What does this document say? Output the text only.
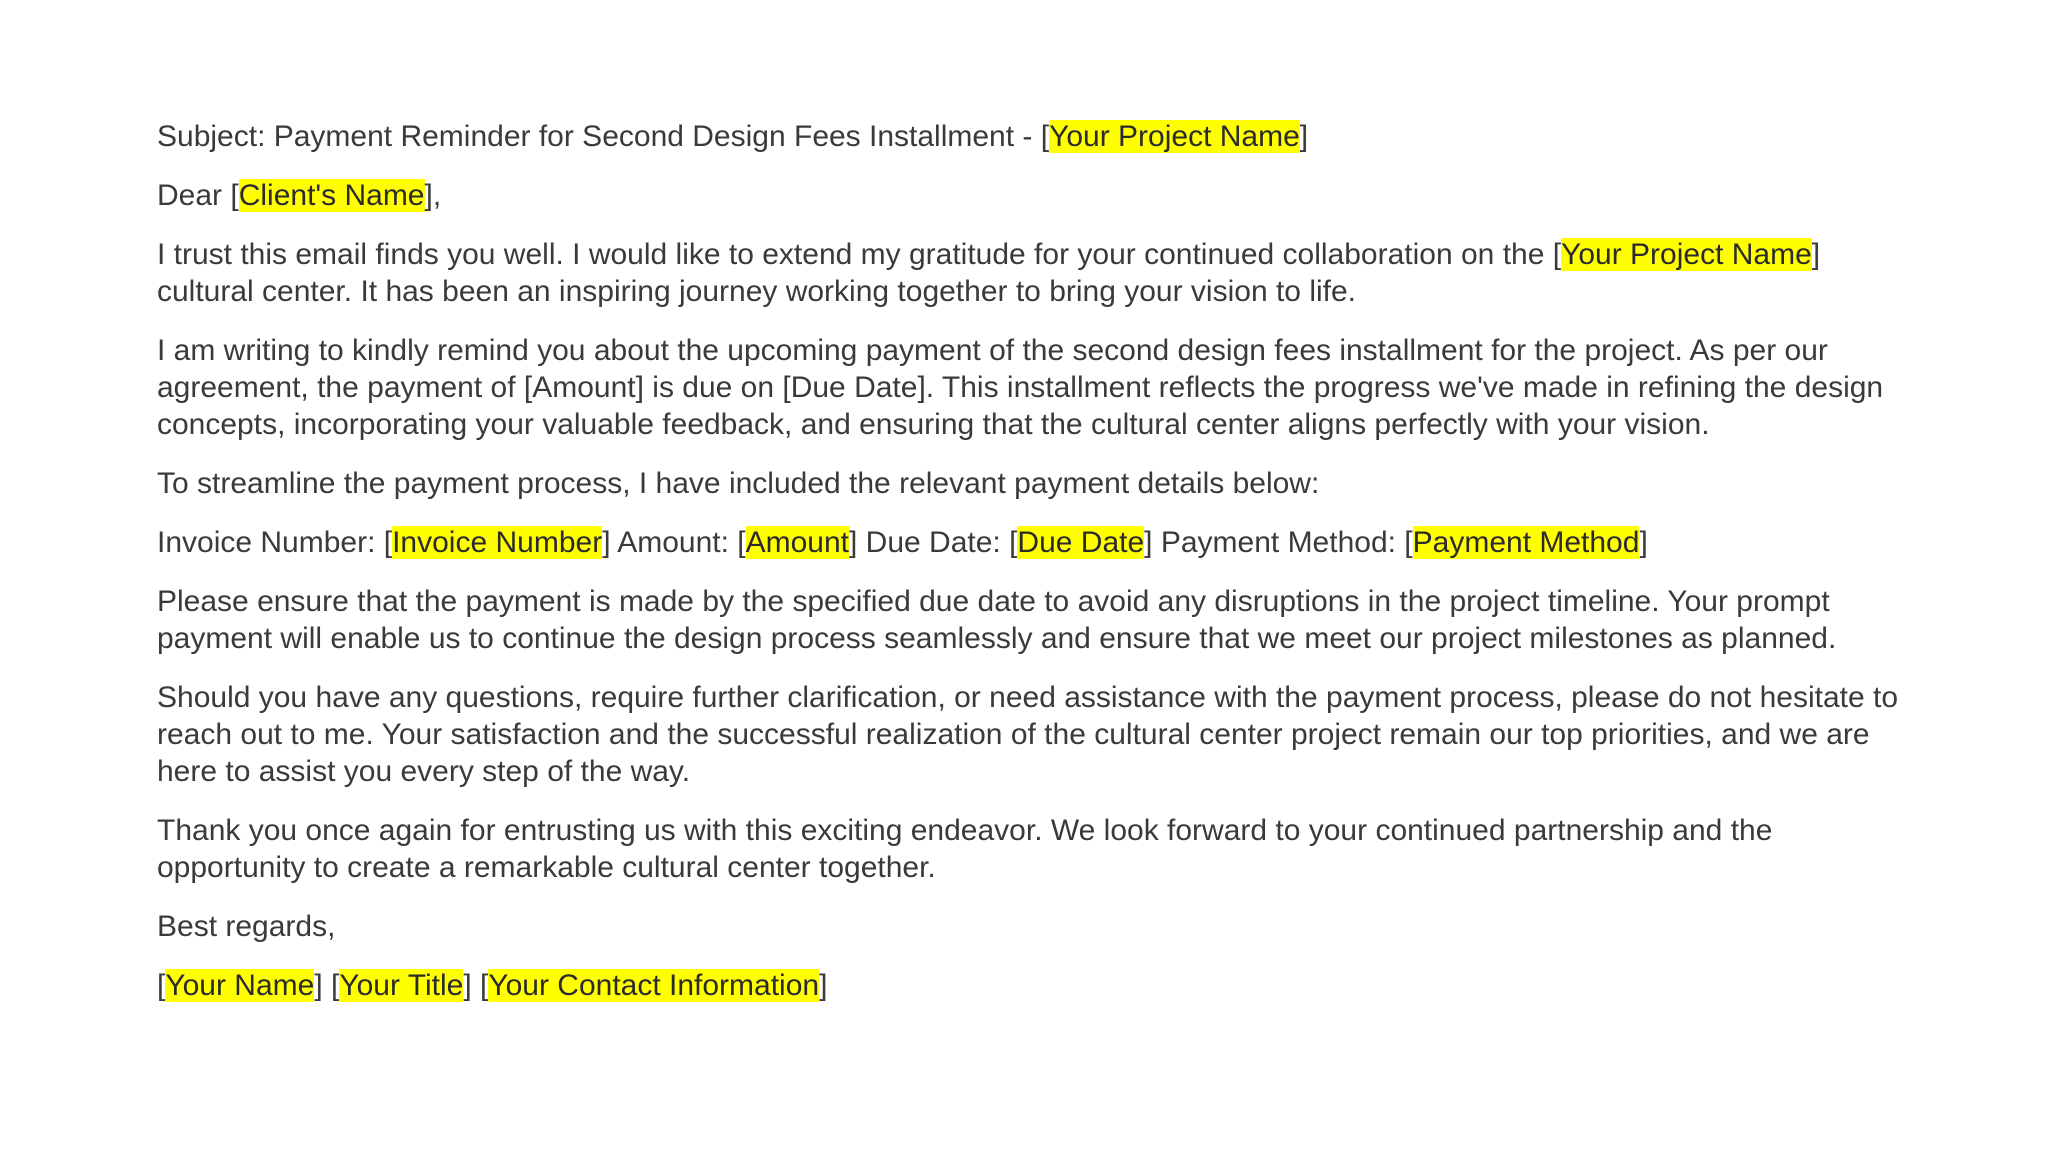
Subject: Payment Reminder for Second Design Fees Installment - [Your Project Name]

Dear [Client's Name],

I trust this email finds you well. I would like to extend my gratitude for your continued collaboration on the [Your Project Name] cultural center. It has been an inspiring journey working together to bring your vision to life.

I am writing to kindly remind you about the upcoming payment of the second design fees installment for the project. As per our agreement, the payment of [Amount] is due on [Due Date]. This installment reflects the progress we've made in refining the design concepts, incorporating your valuable feedback, and ensuring that the cultural center aligns perfectly with your vision.

To streamline the payment process, I have included the relevant payment details below:

Invoice Number: [Invoice Number] Amount: [Amount] Due Date: [Due Date] Payment Method: [Payment Method]

Please ensure that the payment is made by the specified due date to avoid any disruptions in the project timeline. Your prompt payment will enable us to continue the design process seamlessly and ensure that we meet our project milestones as planned.

Should you have any questions, require further clarification, or need assistance with the payment process, please do not hesitate to reach out to me. Your satisfaction and the successful realization of the cultural center project remain our top priorities, and we are here to assist you every step of the way.

Thank you once again for entrusting us with this exciting endeavor. We look forward to your continued partnership and the opportunity to create a remarkable cultural center together.

Best regards,

[Your Name] [Your Title] [Your Contact Information]
